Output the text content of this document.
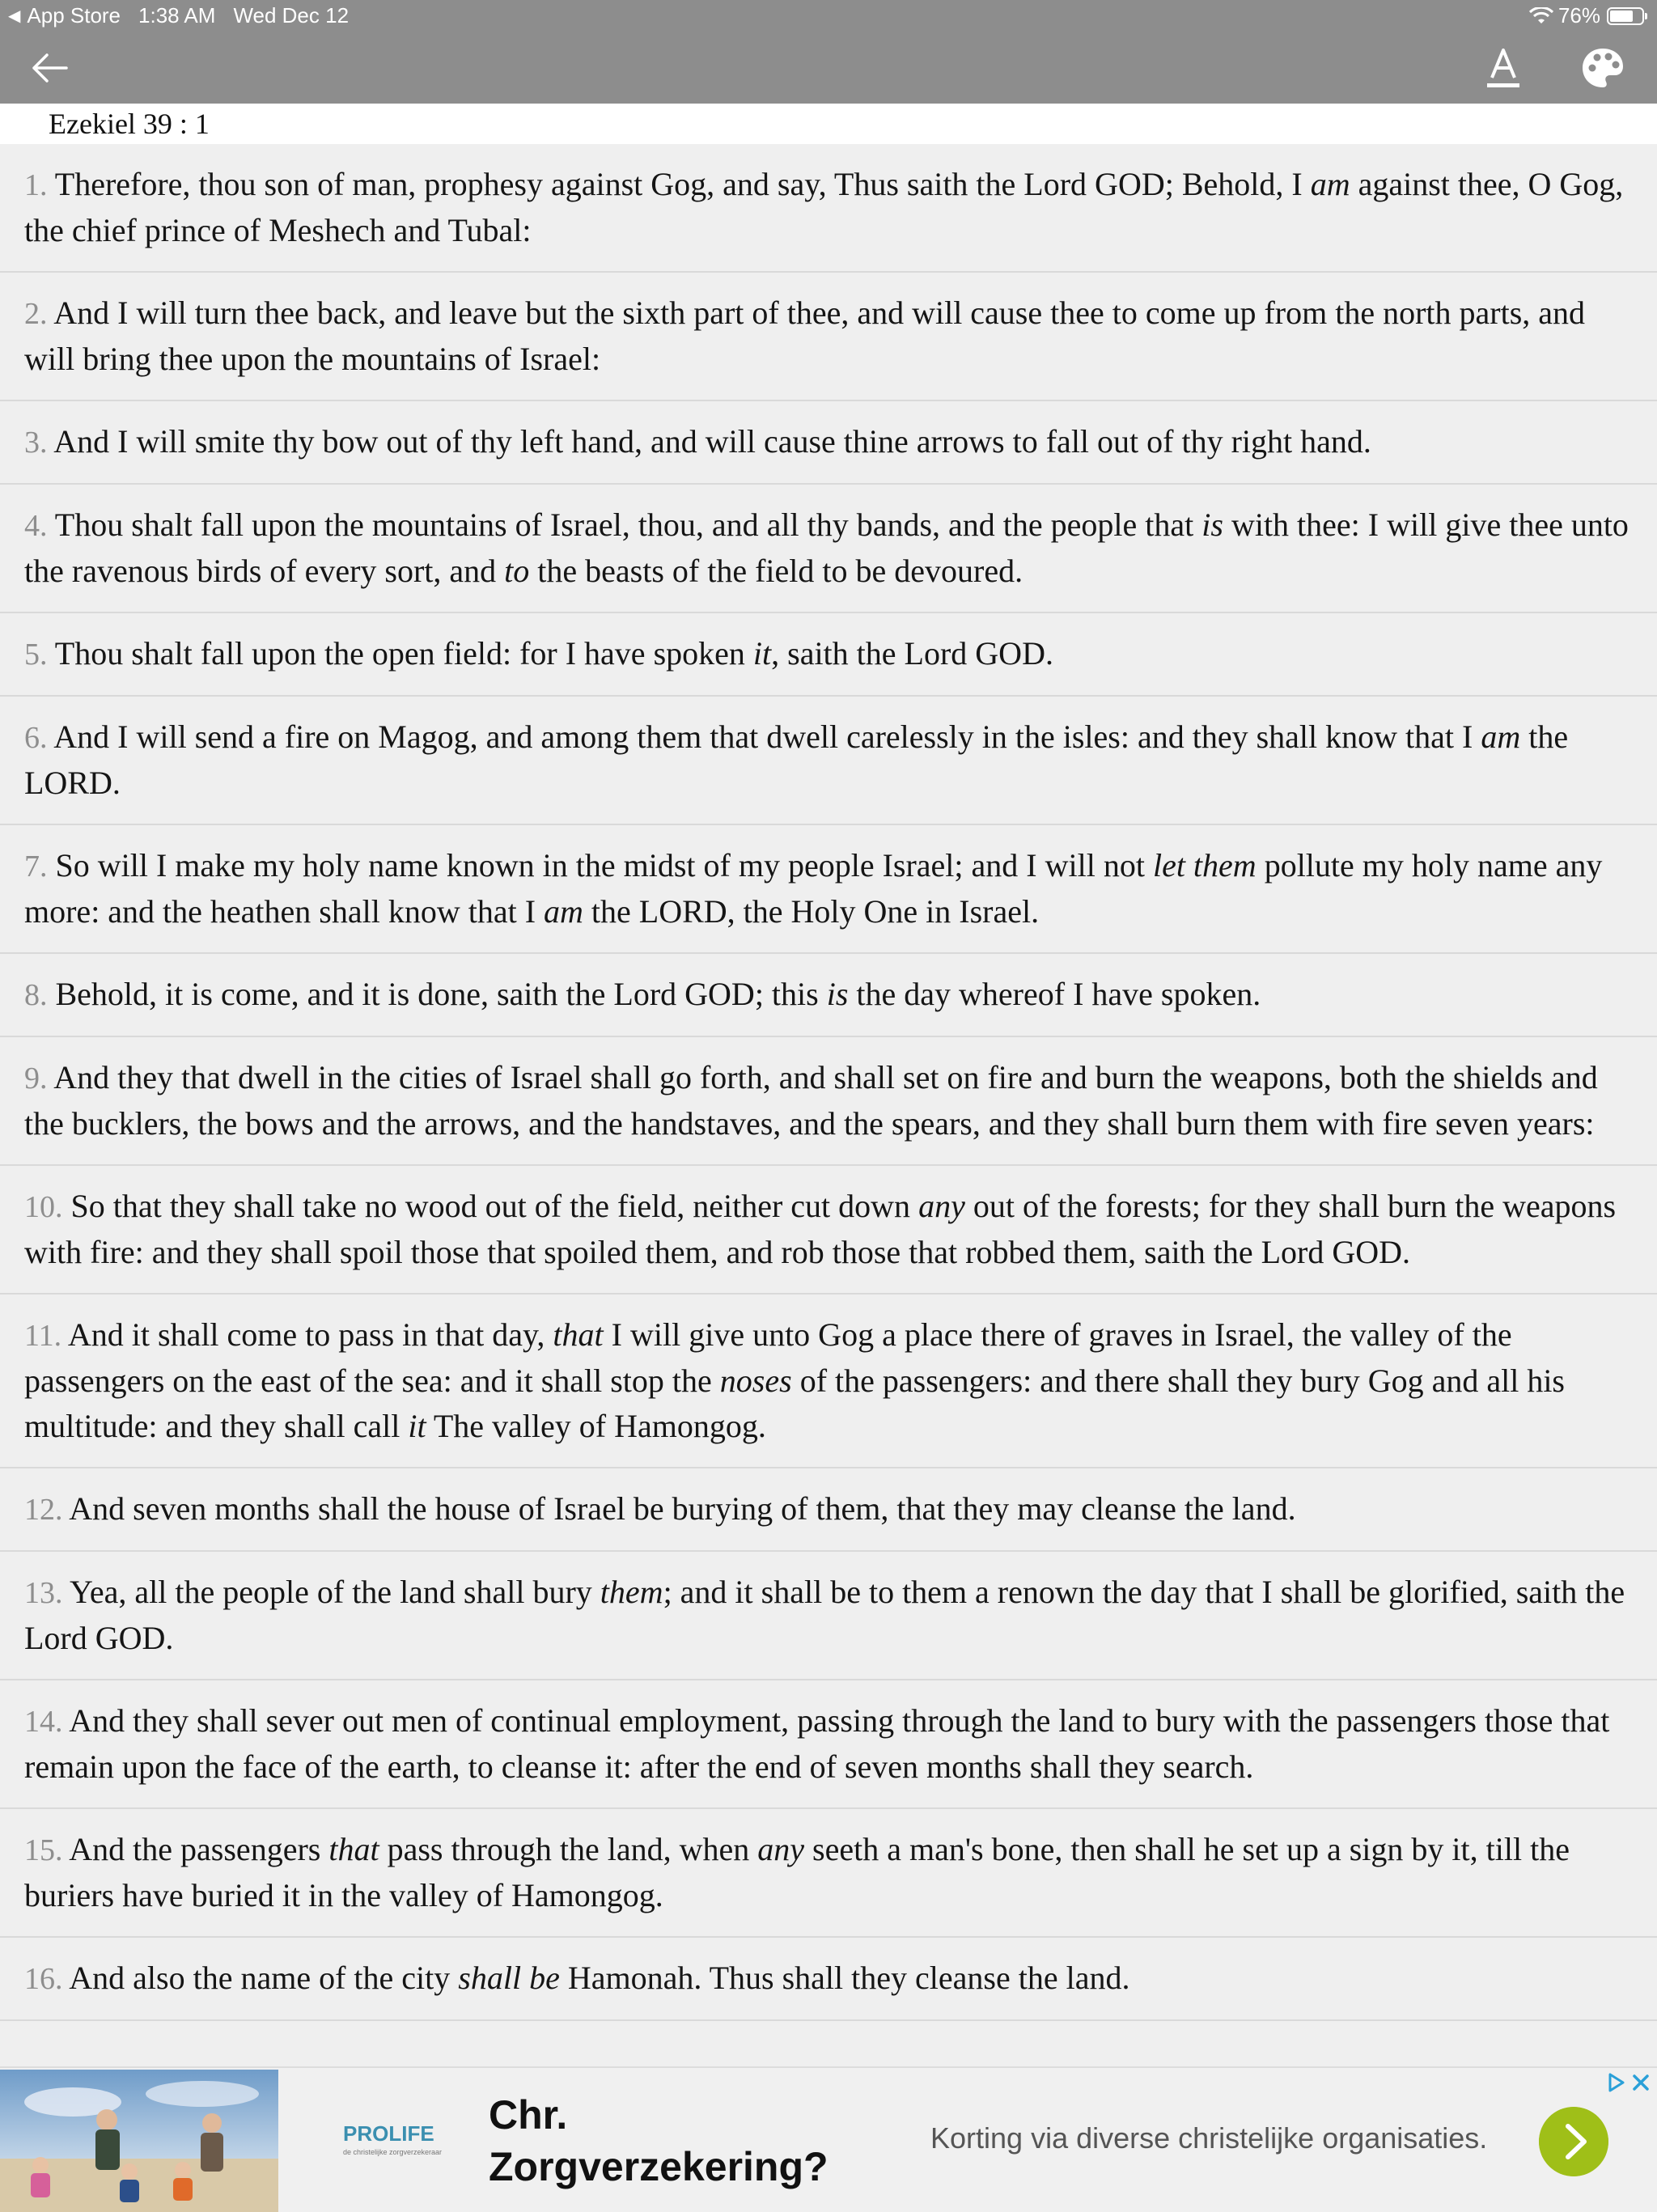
◀ App Store 1:38 AM Wed Dec 12	76%
Ezekiel 39 : 1
1. Therefore, thou son of man, prophesy against Gog, and say, Thus saith the Lord GOD; Behold, I am against thee, O Gog, the chief prince of Meshech and Tubal:
2. And I will turn thee back, and leave but the sixth part of thee, and will cause thee to come up from the north parts, and will bring thee upon the mountains of Israel:
3. And I will smite thy bow out of thy left hand, and will cause thine arrows to fall out of thy right hand.
4. Thou shalt fall upon the mountains of Israel, thou, and all thy bands, and the people that is with thee: I will give thee unto the ravenous birds of every sort, and to the beasts of the field to be devoured.
5. Thou shalt fall upon the open field: for I have spoken it, saith the Lord GOD.
6. And I will send a fire on Magog, and among them that dwell carelessly in the isles: and they shall know that I am the LORD.
7. So will I make my holy name known in the midst of my people Israel; and I will not let them pollute my holy name any more: and the heathen shall know that I am the LORD, the Holy One in Israel.
8. Behold, it is come, and it is done, saith the Lord GOD; this is the day whereof I have spoken.
9. And they that dwell in the cities of Israel shall go forth, and shall set on fire and burn the weapons, both the shields and the bucklers, the bows and the arrows, and the handstaves, and the spears, and they shall burn them with fire seven years:
10. So that they shall take no wood out of the field, neither cut down any out of the forests; for they shall burn the weapons with fire: and they shall spoil those that spoiled them, and rob those that robbed them, saith the Lord GOD.
11. And it shall come to pass in that day, that I will give unto Gog a place there of graves in Israel, the valley of the passengers on the east of the sea: and it shall stop the noses of the passengers: and there shall they bury Gog and all his multitude: and they shall call it The valley of Hamongog.
12. And seven months shall the house of Israel be burying of them, that they may cleanse the land.
13. Yea, all the people of the land shall bury them; and it shall be to them a renown the day that I shall be glorified, saith the Lord GOD.
14. And they shall sever out men of continual employment, passing through the land to bury with the passengers those that remain upon the face of the earth, to cleanse it: after the end of seven months shall they search.
15. And the passengers that pass through the land, when any seeth a man's bone, then shall he set up a sign by it, till the buriers have buried it in the valley of Hamongog.
16. And also the name of the city shall be Hamonah. Thus shall they cleanse the land.
PROLIFE
de christelijke zorgverzekeraar
Chr.
Zorgverzekering?
Korting via diverse christelijke organisaties.
